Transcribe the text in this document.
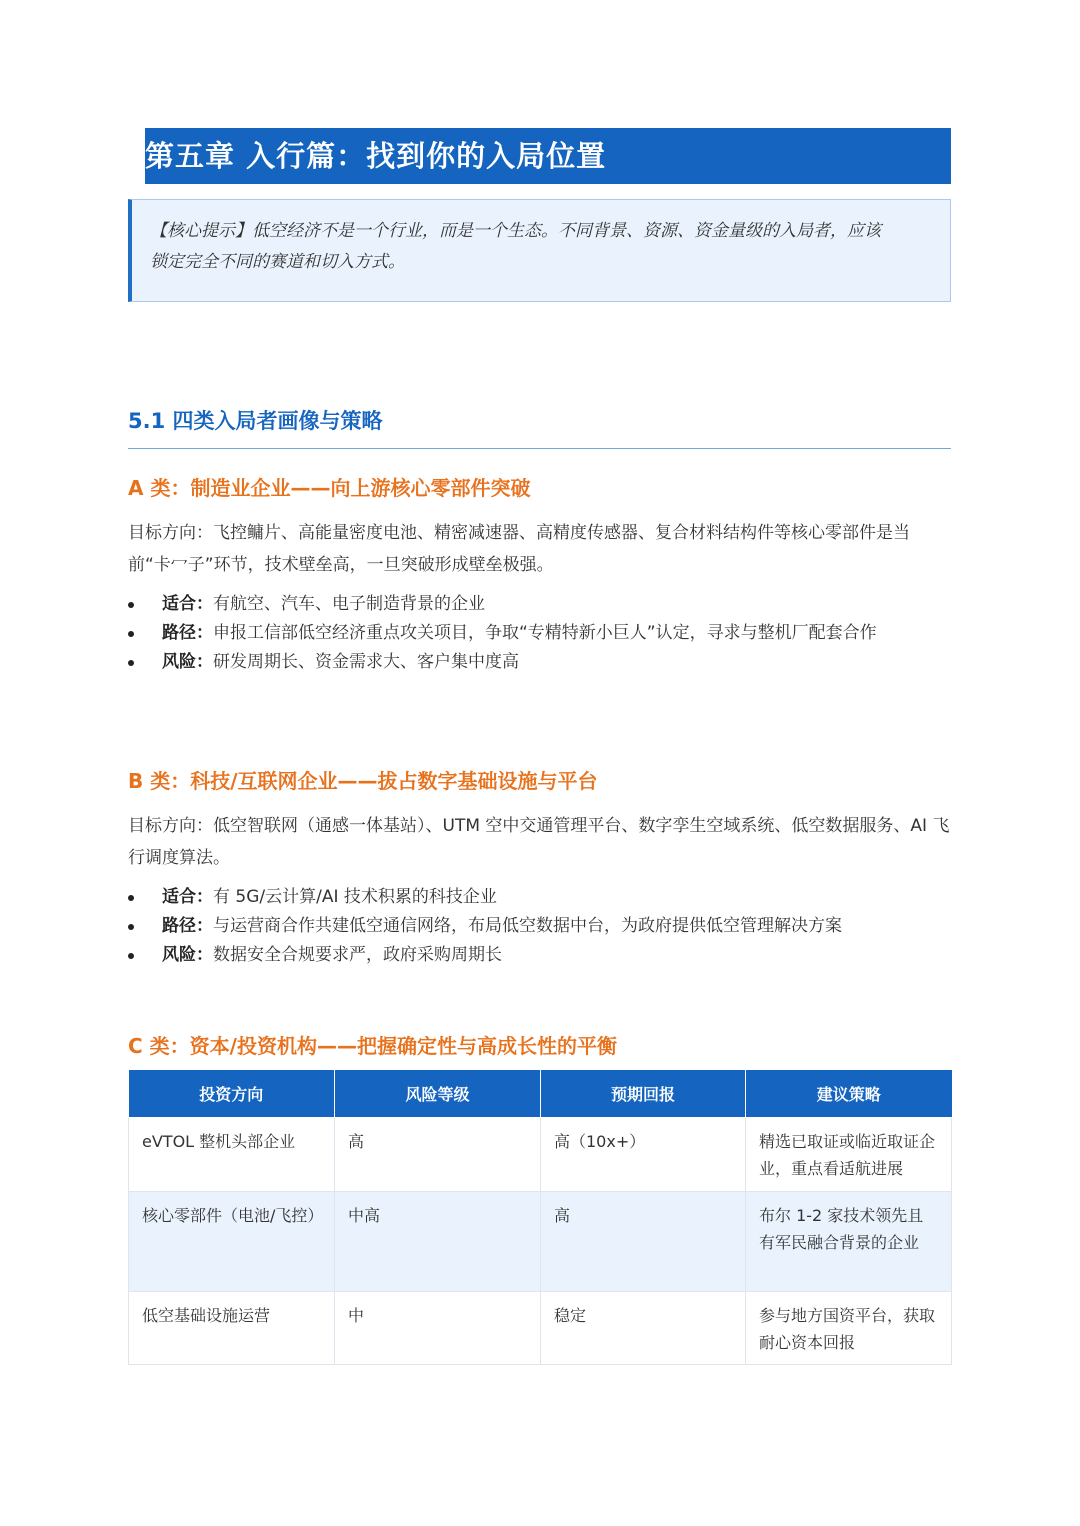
第五章 入行篇：找到你的入局位置
【核心提示】低空经济不是一个行业，而是一个生态。不同背景、资源、资金量级的入局者，应该
锁定完全不同的赛道和切入方式。
5.1 四类入局者画像与策略
A 类：制造业企业——向上游核心零部件突破
目标方向：飞控鳙片、高能量密度电池、精密减速器、高精度传感器、复合材料结构件等核心零部件是当前“卡冖子”环节，技术壁垒高，一旦突破形成壁垒极强。
适合：有航空、汽车、电子制造背景的企业
路径：申报工信部低空经济重点攻关项目，争取“专精特新小巨人”认定，寻求与整机厂配套合作
风险：研发周期长、资金需求大、客户集中度高
B 类：科技/互联网企业——拔占数字基础设施与平台
目标方向：低空智联网（通感一体基站）、UTM 空中交通管理平台、数字孪生空域系统、低空数据服务、AI 飞行调度算法。
适合：有 5G/云计算/AI 技术积累的科技企业
路径：与运营商合作共建低空通信网络，布局低空数据中台，为政府提供低空管理解决方案
风险：数据安全合规要求严，政府采购周期长
C 类：资本/投资机构——把握确定性与高成长性的平衡
投资方向	风险等级	预期回报	建议策略
eVTOL 整机头部企业	高	高（10x+）	精选已取证或临近取证企业，重点看适航进展
核心零部件（电池/飞控）	中高	高	布尔 1-2 家技术领先且有军民融合背景的企业
低空基础设施运营	中	稳定	参与地方国资平台，获取耐心资本回报
